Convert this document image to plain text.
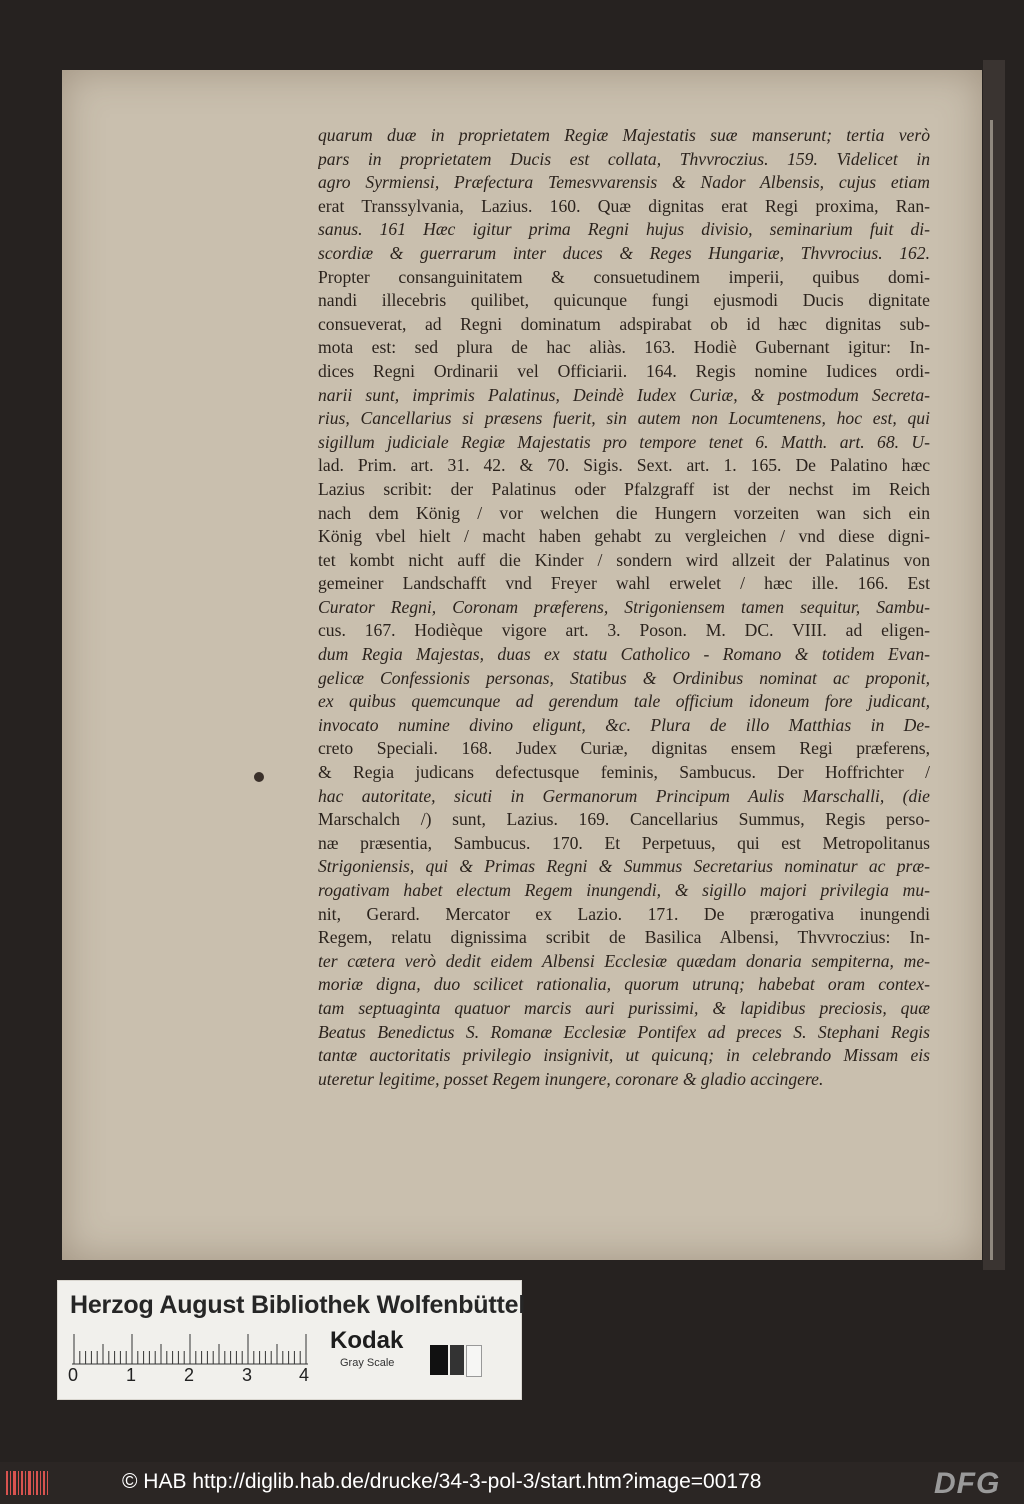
quarum duæ in proprietatem Regiæ Majestatis suæ manserunt; tertia verò
pars in proprietatem Ducis est collata, Thvvroczius. 159. Videlicet in
agro Syrmiensi, Præfectura Temesvvarensis & Nador Albensis, cujus etiam
erat Transsylvania, Lazius. 160. Quæ dignitas erat Regi proxima, Ran-
sanus. 161 Hæc igitur prima Regni hujus divisio, seminarium fuit di-
scordiæ & guerrarum inter duces & Reges Hungariæ, Thvvrocius. 162.
Propter consanguinitatem & consuetudinem imperii, quibus domi-
nandi illecebris quilibet, quicunque fungi ejusmodi Ducis dignitate
consueverat, ad Regni dominatum adspirabat ob id hæc dignitas sub-
mota est: sed plura de hac aliàs. 163. Hodiè Gubernant igitur: In-
dices Regni Ordinarii vel Officiarii. 164. Regis nomine Iudices ordi-
narii sunt, imprimis Palatinus, Deindè Iudex Curiæ, & postmodum Secreta-
rius, Cancellarius si præsens fuerit, sin autem non Locumtenens, hoc est, qui
sigillum judiciale Regiæ Majestatis pro tempore tenet 6. Matth. art. 68. U-
lad. Prim. art. 31. 42. & 70. Sigis. Sext. art. 1. 165. De Palatino hæc
Lazius scribit: der Palatinus oder Pfalzgraff ist der nechst im Reich
nach dem König / vor welchen die Hungern vorzeiten wan sich ein
König vbel hielt / macht haben gehabt zu vergleichen / vnd diese digni-
tet kombt nicht auff die Kinder / sondern wird allzeit der Palatinus von
gemeiner Landschafft vnd Freyer wahl erwelet / hæc ille. 166. Est
Curator Regni, Coronam præferens, Strigoniensem tamen sequitur, Sambu-
cus. 167. Hodièque vigore art. 3. Poson. M. DC. VIII. ad eligen-
dum Regia Majestas, duas ex statu Catholico - Romano & totidem Evan-
gelicæ Confessionis personas, Statibus & Ordinibus nominat ac proponit,
ex quibus quemcunque ad gerendum tale officium idoneum fore judicant,
invocato numine divino eligunt, &c. Plura de illo Matthias in De-
creto Speciali. 168. Judex Curiæ, dignitas ensem Regi præferens,
& Regia judicans defectusque feminis, Sambucus. Der Hoffrichter /
hac autoritate, sicuti in Germanorum Principum Aulis Marschalli, (die
Marschalch /) sunt, Lazius. 169. Cancellarius Summus, Regis perso-
næ præsentia, Sambucus. 170. Et Perpetuus, qui est Metropolitanus
Strigoniensis, qui & Primas Regni & Summus Secretarius nominatur ac præ-
rogativam habet electum Regem inungendi, & sigillo majori privilegia mu-
nit, Gerard. Mercator ex Lazio. 171. De prærogativa inungendi
Regem, relatu dignissima scribit de Basilica Albensi, Thvvroczius: In-
ter cætera verò dedit eidem Albensi Ecclesiæ quædam donaria sempiterna, me-
moriæ digna, duo scilicet rationalia, quorum utrunq; habebat oram contex-
tam septuaginta quatuor marcis auri purissimi, & lapidibus preciosis, quæ
Beatus Benedictus S. Romanæ Ecclesiæ Pontifex ad preces S. Stephani Regis
tantæ auctoritatis privilegio insignivit, ut quicunq; in celebrando Missam eis
uteretur legitime, posset Regem inungere, coronare & gladio accingere.
Herzog August Bibliothek Wolfenbüttel
0	1	2	3	4
Kodak
Gray Scale
© HAB http://diglib.hab.de/drucke/34-3-pol-3/start.htm?image=00178	DFG
